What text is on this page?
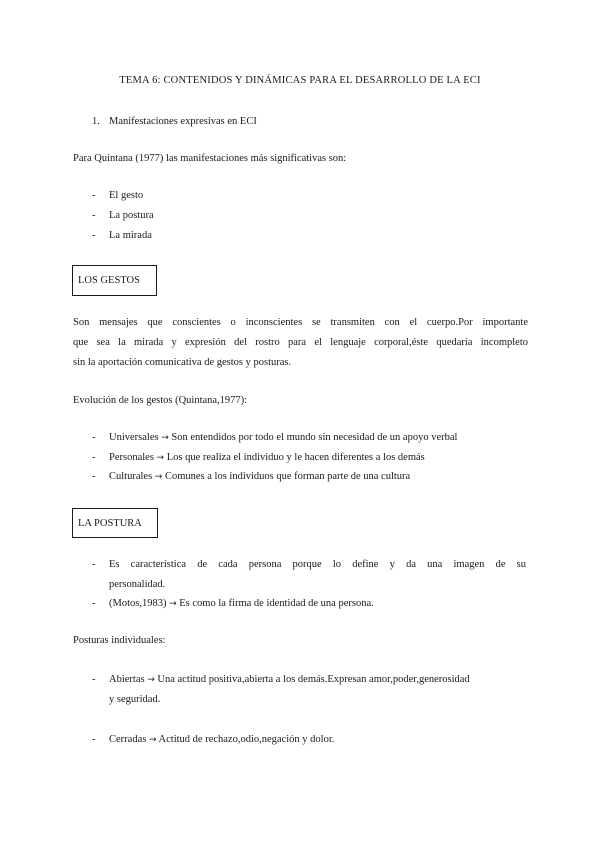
TEMA 6: CONTENIDOS Y DINÁMICAS PARA EL DESARROLLO DE LA ECI
1. Manifestaciones expresivas en ECI
Para Quintana (1977) las manifestaciones más significativas son:
- El gesto
- La postura
- La mirada
LOS GESTOS
Son mensajes que conscientes o inconscientes se transmiten con el cuerpo.Por importante
que sea la mirada y expresión del rostro para el lenguaje corporal,éste quedaría incompleto
sin la aportación comunicativa de gestos y posturas.
Evolución de los gestos (Quintana,1977):
- Universales → Son entendidos por todo el mundo sin necesidad de un apoyo verbal
- Personales → Los que realiza el individuo y le hacen diferentes a los demás
- Culturales → Comunes a los individuos que forman parte de una cultura
LA POSTURA
- Es característica de cada persona porque lo define y da una imagen de su
personalidad.
- (Motos,1983) → Es como la firma de identidad de una persona.
Posturas individuales:
- Abiertas → Una actitud positiva,abierta a los demás.Expresan amor,poder,generosidad
y seguridad.
- Cerradas → Actitud de rechazo,odio,negación y dolor.
